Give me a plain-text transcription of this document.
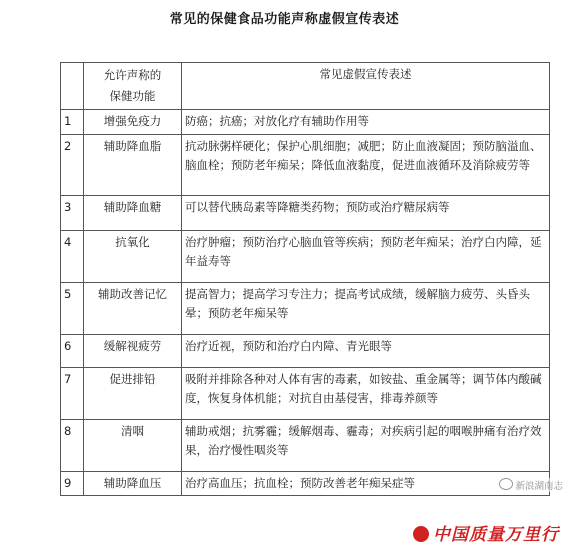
常见的保健食品功能声称虚假宣传表述

	允许声称的
保健功能	常见虚假宣传表述
1	增强免疫力	防癌；抗癌；对放化疗有辅助作用等
2	辅助降血脂	抗动脉粥样硬化；保护心肌细胞；减肥；防止血液凝固；预防脑溢血、脑血栓；预防老年痴呆；降低血液黏度，促进血液循环及消除疲劳等
3	辅助降血糖	可以替代胰岛素等降糖类药物；预防或治疗糖尿病等
4	抗氧化	治疗肿瘤；预防治疗心脑血管等疾病；预防老年痴呆；治疗白内障，延年益寿等
5	辅助改善记忆	提高智力；提高学习专注力；提高考试成绩，缓解脑力疲劳、头昏头晕；预防老年痴呆等
6	缓解视疲劳	治疗近视，预防和治疗白内障、青光眼等
7	促进排铅	吸附并排除各种对人体有害的毒素，如铵盐、重金属等；调节体内酸碱度，恢复身体机能；对抗自由基侵害，排毒养颜等
8	清咽	辅助戒烟；抗雾霾；缓解烟毒、霾毒；对疾病引起的咽喉肿痛有治疗效果，治疗慢性咽炎等
9	辅助降血压	治疗高血压；抗血栓；预防改善老年痴呆症等	新浪湖南志
中国质量万里行
